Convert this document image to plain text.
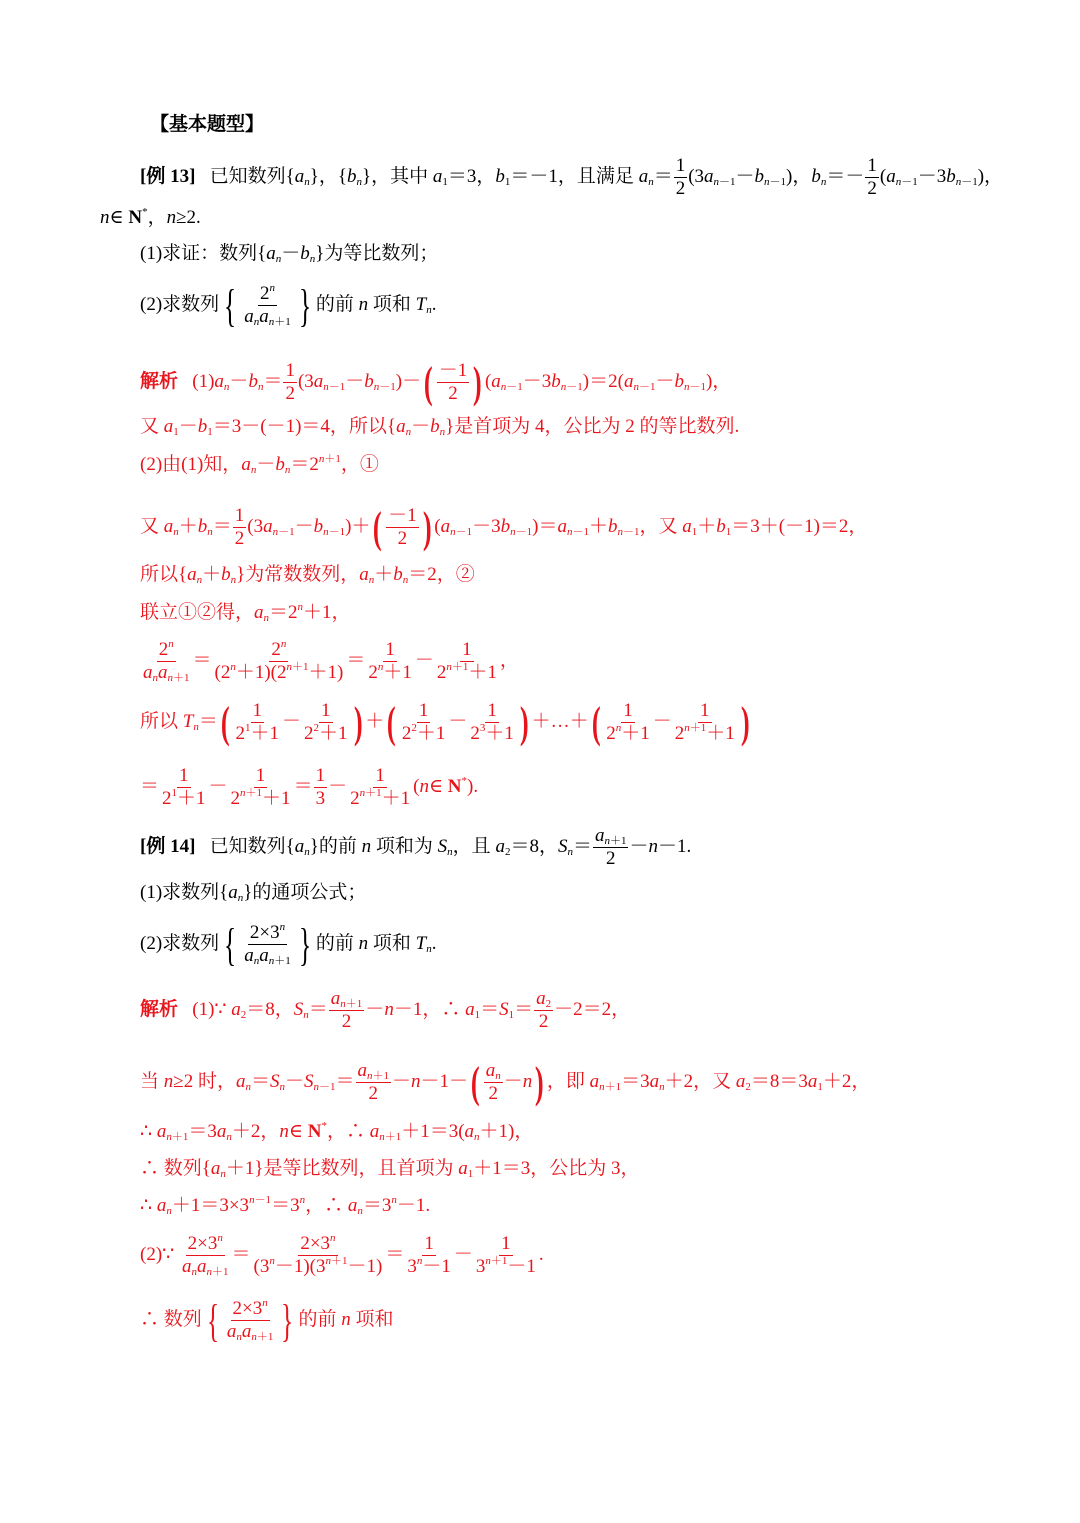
【基本题型】
[例 13]   已知数列$\{a_n\}$，$\{b_n\}$，其中 $a_1=3$，$b_1=-1$，且满足 $a_n= \frac{1}{2} (3a_{n-1}-b_{n-1})$，$b_n=- \frac{1}{2} (a_{n-1}-3b_{n-1})$，
n∈ N*，n≥2.
(1)求证：数列$\{a_n-b_n\}$为等比数列；
(2)求数列 { $\frac{2^n}{a_na_{n+1}}$ } 的前 n 项和 $T_n$.
解析   $(1)a_n-b_n= \frac{1}{2} (3a_{n-1}-b_{n-1})-( \frac{-1}{2}$ ) $(a_{n-1}-3b_{n-1})=2(a_{n-1}-b_{n-1})$，
又 $a_1-b_1=3-(-1)=4$，所以$\{a_n-b_n\}$是首项为 4，公比为 2 的等比数列.
(2)由(1)知，$a_n-b_n=2^{n+1}$，①
又 $a_n+b_n= \frac{1}{2} (3a_{n-1}-b_{n-1})+( \frac{-1}{2}$ ) $(a_{n-1}-3b_{n-1})=a_{n-1}+b_{n-1}$，又 $a_1+b_1=3+(-1)=2$，
所以$\{a_n+b_n\}$为常数数列，$a_n+b_n=2$，②
联立①②得，$a_n=2^n+1$，
$\frac{2^n}{a_na_{n+1}} = \frac{2^n}{(2^n+1)(2^{n+1}+1)} = \frac{1}{2^n+1} - \frac{1}{2^{n+1}+1}$ ，
所以 $T_n=( \frac{1}{2^1+1} - \frac{1}{2^2+1}$ ) ＋( $\frac{1}{2^2+1} - \frac{1}{2^3+1}$ ) ＋…＋( $\frac{1}{2^n+1} - \frac{1}{2^{n+1}+1}$ )
＝ $\frac{1}{2^1+1} - \frac{1}{2^{n+1}+1} = \frac{1}{3} - \frac{1}{2^{n+1}+1}$ (n∈ N*).
[例 14]   已知数列$\{a_n\}$的前 n 项和为 $S_n$，且 $a_2=8$，$S_n= \frac{a_{n+1}}{2} -n-1$.
(1)求数列$\{a_n\}$的通项公式；
(2)求数列 { $\frac{2\times 3^n}{a_na_{n+1}}$ } 的前 n 项和 $T_n$.
解析   (1)∵ $a_2=8$，$S_n= \frac{a_{n+1}}{2} -n-1$，∴ $a_1=S_1= \frac{a_2}{2} -2=2$，
当 n≥2 时，$a_n=S_n-S_{n-1}= \frac{a_{n+1}}{2} -n-1-( \frac{a_n}{2} -n)$ ，即 $a_{n+1}=3a_n+2$，又 $a_2=8=3a_1+2$，
∴ $a_{n+1}=3a_n+2$，n∈ N*，∴ $a_{n+1}+1=3(a_n+1)$，
∴ 数列$\{a_n+1\}$是等比数列，且首项为 $a_1+1=3$，公比为 3，
∴ $a_n+1=3\times 3^{n-1}=3^n$，∴ $a_n=3^n-1$.
(2)∵ $\frac{2\times 3^n}{a_na_{n+1}} = \frac{2\times 3^n}{(3^n-1)(3^{n+1}-1)} = \frac{1}{3^n-1} - \frac{1}{3^{n+1}-1}$ .
∴ 数列 { $\frac{2\times 3^n}{a_na_{n+1}}$ } 的前 n 项和
